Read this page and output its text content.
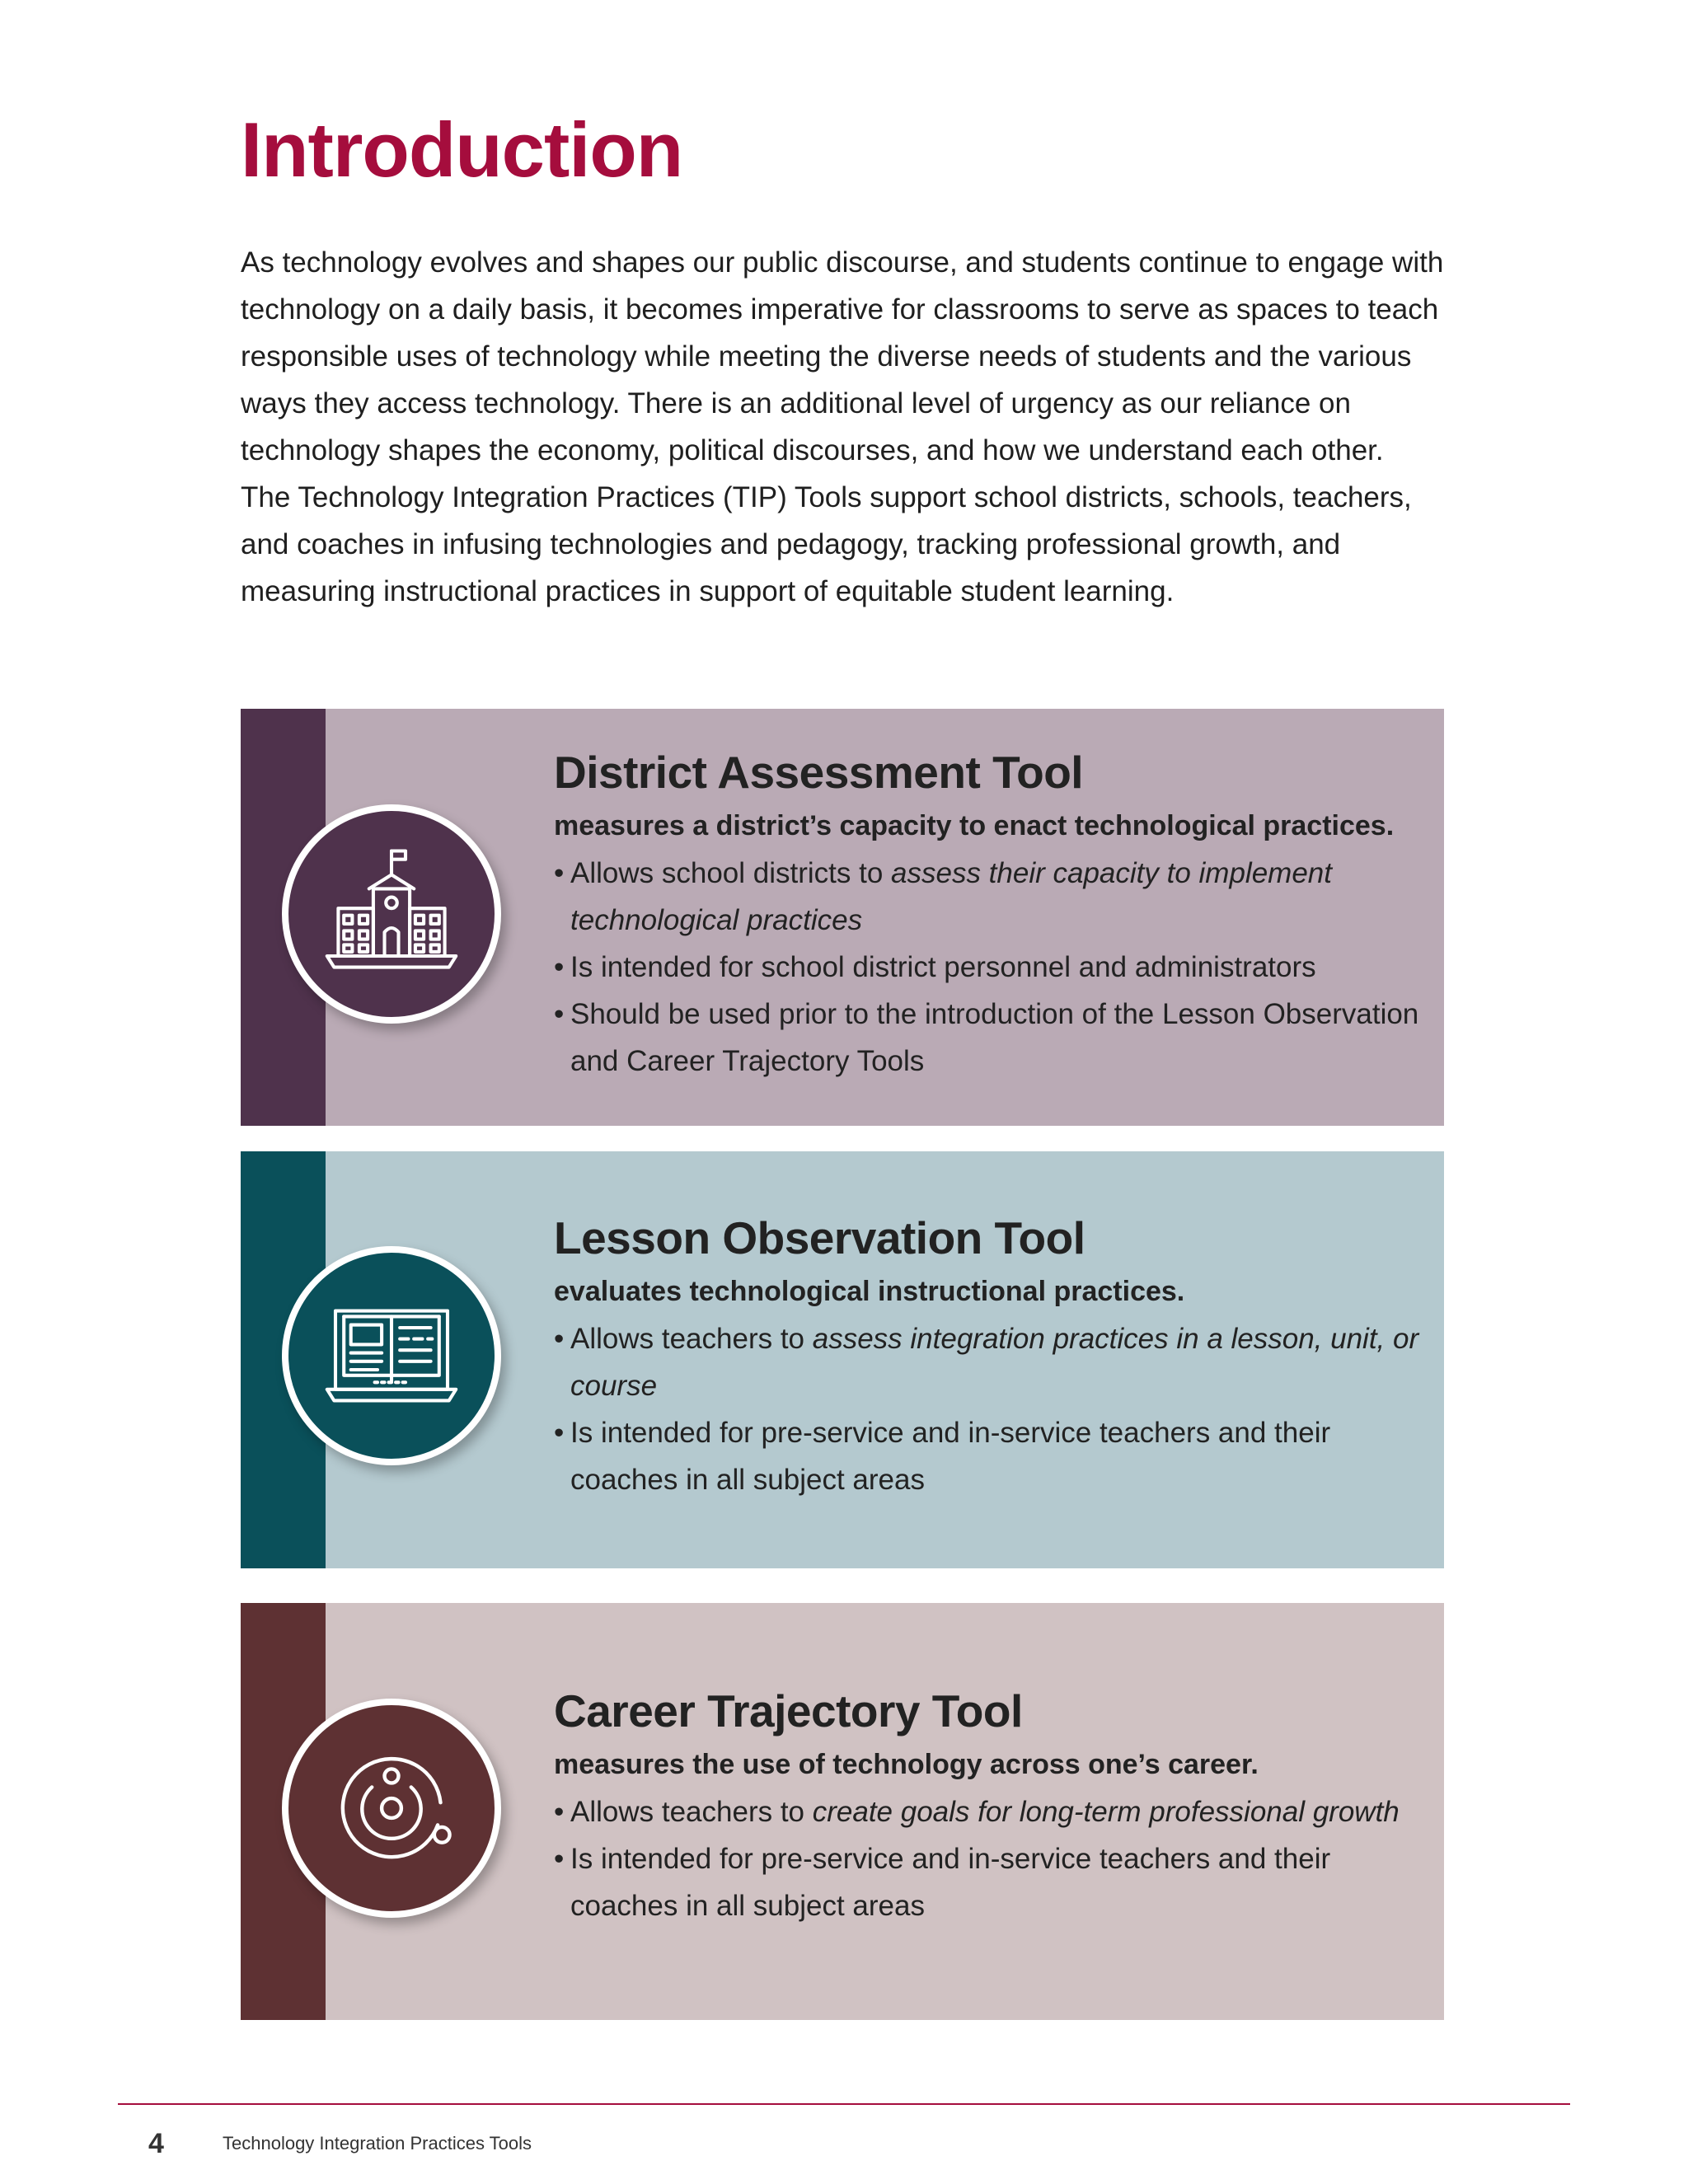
Introduction

As technology evolves and shapes our public discourse, and students continue to engage with technology on a daily basis, it becomes imperative for classrooms to serve as spaces to teach responsible uses of technology while meeting the diverse needs of students and the various ways they access technology. There is an additional level of urgency as our reliance on technology shapes the economy, political discourses, and how we understand each other.

The Technology Integration Practices (TIP) Tools support school districts, schools, teachers, and coaches in infusing technologies and pedagogy, tracking professional growth, and measuring instructional practices in support of equitable student learning.

District Assessment Tool
measures a district’s capacity to enact technological practices.
• Allows school districts to assess their capacity to implement technological practices
• Is intended for school district personnel and administrators
• Should be used prior to the introduction of the Lesson Observation and Career Trajectory Tools
Lesson Observation Tool
evaluates technological instructional practices.
• Allows teachers to assess integration practices in a lesson, unit, or course
• Is intended for pre-service and in-service teachers and their coaches in all subject areas
Career Trajectory Tool
measures the use of technology across one’s career.
• Allows teachers to create goals for long-term professional growth
• Is intended for pre-service and in-service teachers and their coaches in all subject areas
4	Technology Integration Practices Tools
